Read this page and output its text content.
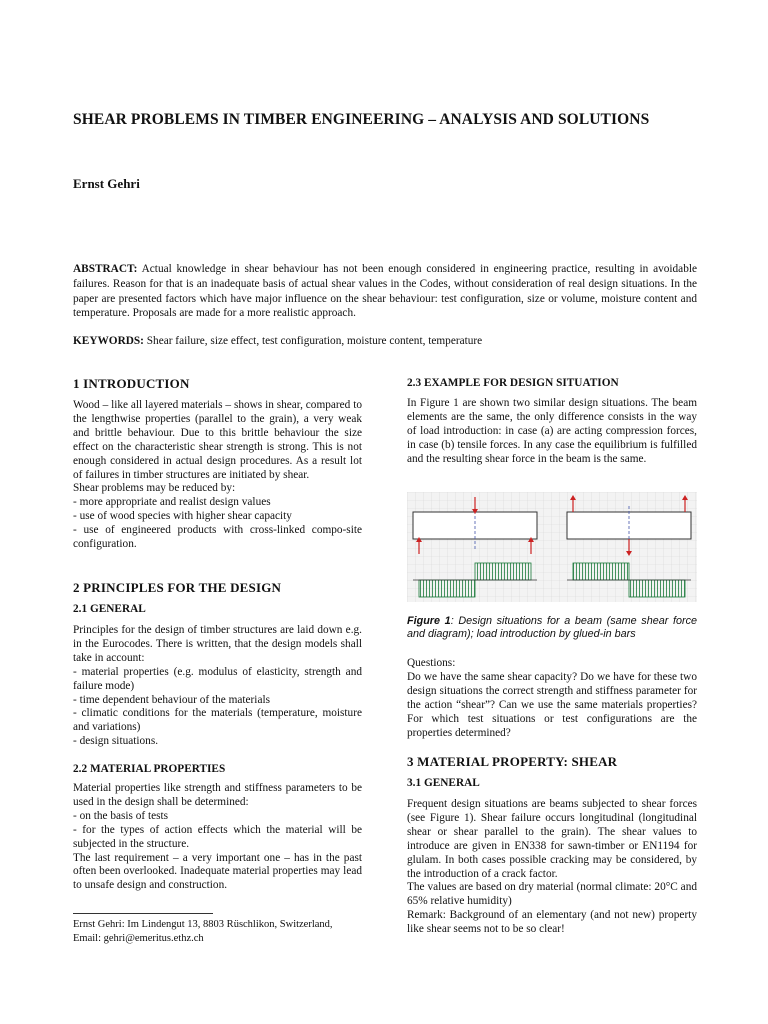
SHEAR PROBLEMS IN TIMBER ENGINEERING – ANALYSIS AND SOLUTIONS
Ernst Gehri
ABSTRACT: Actual knowledge in shear behaviour has not been enough considered in engineering practice, resulting in avoidable failures. Reason for that is an inadequate basis of actual shear values in the Codes, without consideration of real design situations. In the paper are presented factors which have major influence on the shear behaviour: test configuration, size or volume, moisture content and temperature. Proposals are made for a more realistic approach.
KEYWORDS: Shear failure, size effect, test configuration, moisture content, temperature
1 INTRODUCTION
Wood – like all layered materials – shows in shear, compared to the lengthwise properties (parallel to the grain), a very weak and brittle behaviour. Due to this brittle behaviour the size effect on the characteristic shear strength is strong. This is not enough considered in actual design procedures. As a result lot of failures in timber structures are initiated by shear.
Shear problems may be reduced by:
- more appropriate and realist design values
- use of wood species with higher shear capacity
- use of engineered products with cross-linked compo-site configuration.
2 PRINCIPLES FOR THE DESIGN
2.1 GENERAL
Principles for the design of timber structures are laid down e.g. in the Eurocodes. There is written, that the design models shall take in account:
- material properties (e.g. modulus of elasticity, strength and failure mode)
- time dependent behaviour of the materials
- climatic conditions for the materials (temperature, moisture and variations)
- design situations.
2.2 MATERIAL PROPERTIES
Material properties like strength and stiffness parameters to be used in the design shall be determined:
- on the basis of tests
- for the types of action effects which the material will be subjected in the structure.
The last requirement – a very important one – has in the past often been overlooked. Inadequate material properties may lead to unsafe design and construction.
Ernst Gehri: Im Lindengut 13, 8803 Rüschlikon, Switzerland,
Email: gehri@emeritus.ethz.ch
2.3 EXAMPLE FOR DESIGN SITUATION
In Figure 1 are shown two similar design situations. The beam elements are the same, the only difference consists in the way of load introduction: in case (a) are acting compression forces, in case (b) tensile forces. In any case the equilibrium is fulfilled and the resulting shear force in the beam is the same.
Figure 1: Design situations for a beam (same shear force and diagram); load introduction by glued-in bars
Questions:
Do we have the same shear capacity? Do we have for these two design situations the correct strength and stiffness parameter for the action “shear”? Can we use the same materials properties? For which test situations or test configurations are the properties determined?
3 MATERIAL PROPERTY: SHEAR
3.1 GENERAL
Frequent design situations are beams subjected to shear forces (see Figure 1). Shear failure occurs longitudinal (longitudinal shear or shear parallel to the grain). The shear values to introduce are given in EN338 for sawn-timber or EN1194 for glulam. In both cases possible cracking may be considered, by the introduction of a crack factor.
The values are based on dry material (normal climate: 20°C and 65% relative humidity)
Remark: Background of an elementary (and not new) property like shear seems not to be so clear!
